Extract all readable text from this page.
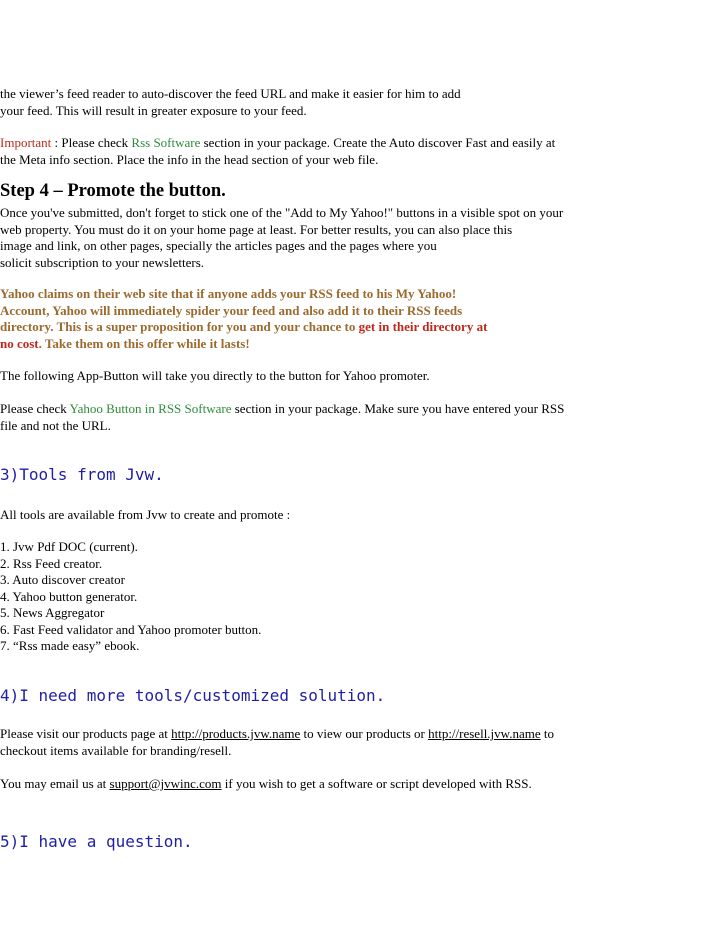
the viewer’s feed reader to auto-discover the feed URL and make it easier for him to add
your feed. This will result in greater exposure to your feed.
Important : Please check Rss Software section in your package. Create the Auto discover Fast and easily at
the Meta info section. Place the info in the head section of your web file.
Step 4 – Promote the button.
Once you've submitted, don't forget to stick one of the "Add to My Yahoo!" buttons in a visible spot on your
web property. You must do it on your home page at least. For better results, you can also place this
image and link, on other pages, specially the articles pages and the pages where you
solicit subscription to your newsletters.
Yahoo claims on their web site that if anyone adds your RSS feed to his My Yahoo!
Account, Yahoo will immediately spider your feed and also add it to their RSS feeds
directory. This is a super proposition for you and your chance to get in their directory at
no cost. Take them on this offer while it lasts!
The following App-Button will take you directly to the button for Yahoo promoter.
Please check Yahoo Button in RSS Software section in your package. Make sure you have entered your RSS
file and not the URL.
3)Tools from Jvw.
All tools are available from Jvw to create and promote :
1. Jvw Pdf DOC (current).
2. Rss Feed creator.
3. Auto discover creator
4. Yahoo button generator.
5. News Aggregator
6. Fast Feed validator and Yahoo promoter button.
7. “Rss made easy” ebook.
4)I need more tools/customized solution.
Please visit our products page at http://products.jvw.name to view our products or http://resell.jvw.name to
checkout items available for branding/resell.
You may email us at support@jvwinc.com if you wish to get a software or script developed with RSS.
5)I have a question.
